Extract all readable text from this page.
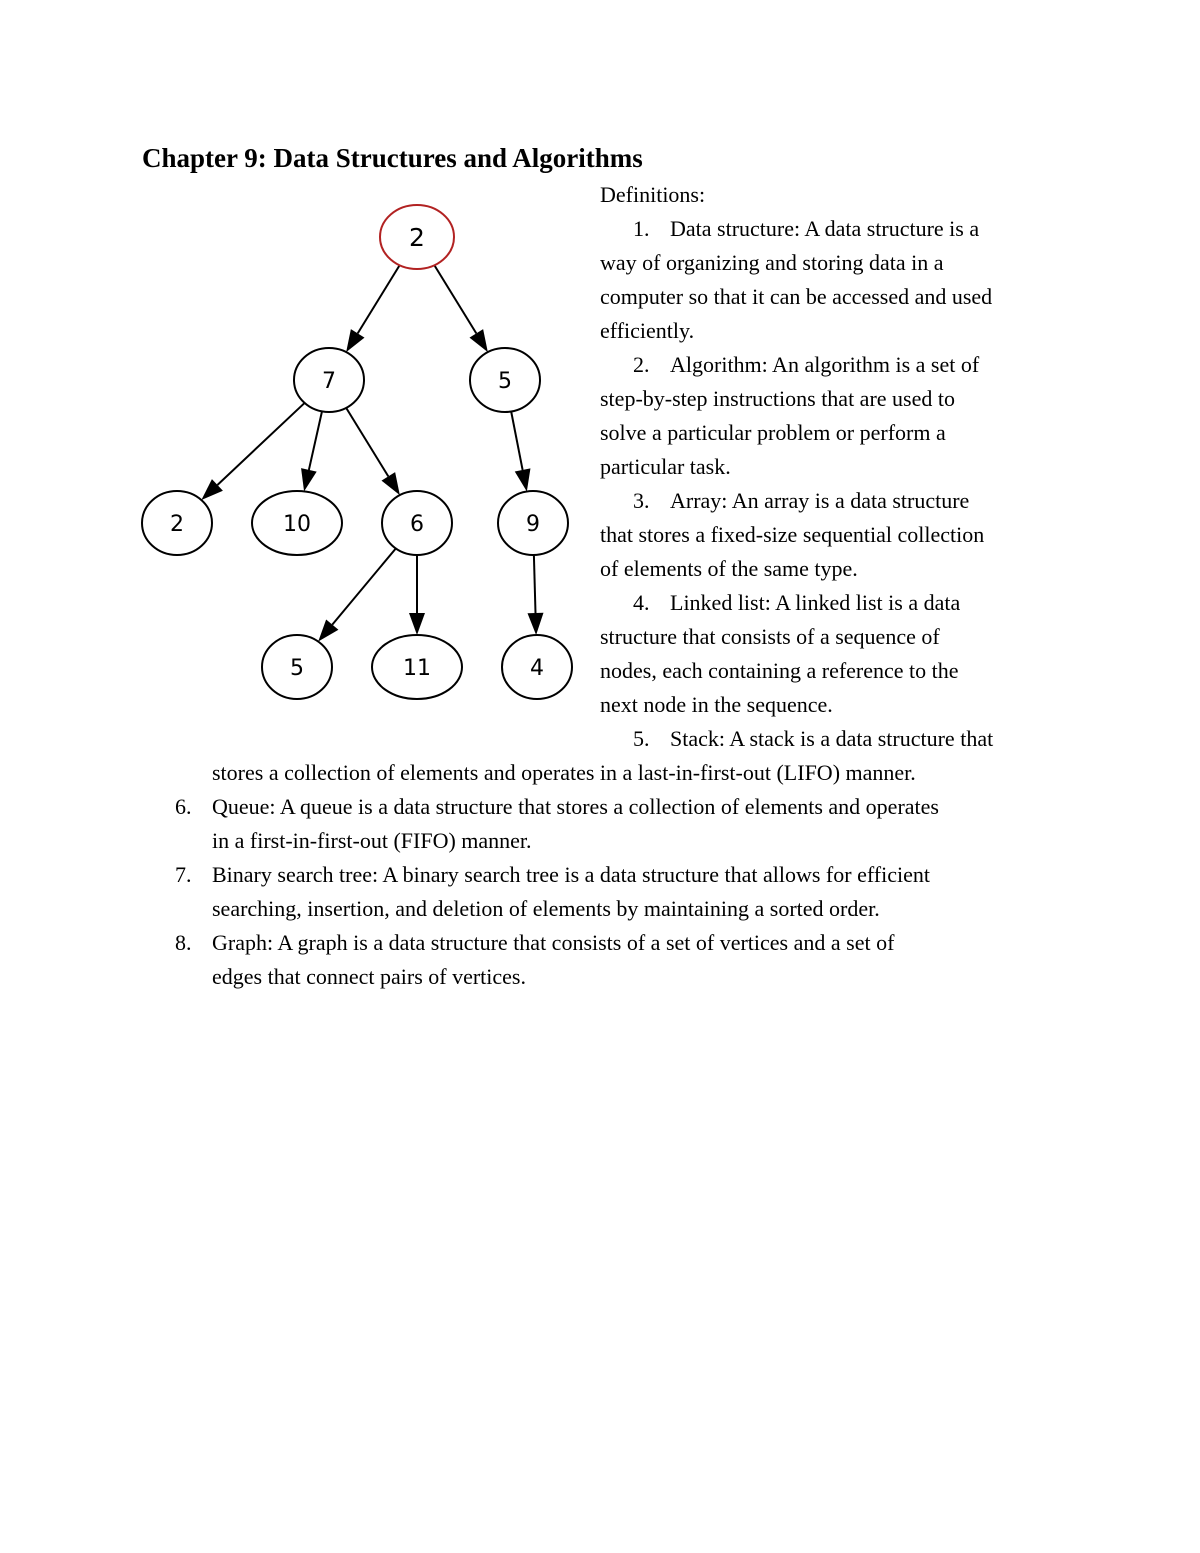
Chapter 9: Data Structures and Algorithms
2
7	5
2	10	6	9
5	11	4
Definitions:
1. Data structure: A data structure is a
way of organizing and storing data in a
computer so that it can be accessed and used
efficiently.
2. Algorithm: An algorithm is a set of
step-by-step instructions that are used to
solve a particular problem or perform a
particular task.
3. Array: An array is a data structure
that stores a fixed-size sequential collection
of elements of the same type.
4. Linked list: A linked list is a data
structure that consists of a sequence of
nodes, each containing a reference to the
next node in the sequence.
5. Stack: A stack is a data structure that
stores a collection of elements and operates in a last-in-first-out (LIFO) manner.
6. Queue: A queue is a data structure that stores a collection of elements and operates
in a first-in-first-out (FIFO) manner.
7. Binary search tree: A binary search tree is a data structure that allows for efficient
searching, insertion, and deletion of elements by maintaining a sorted order.
8. Graph: A graph is a data structure that consists of a set of vertices and a set of
edges that connect pairs of vertices.
